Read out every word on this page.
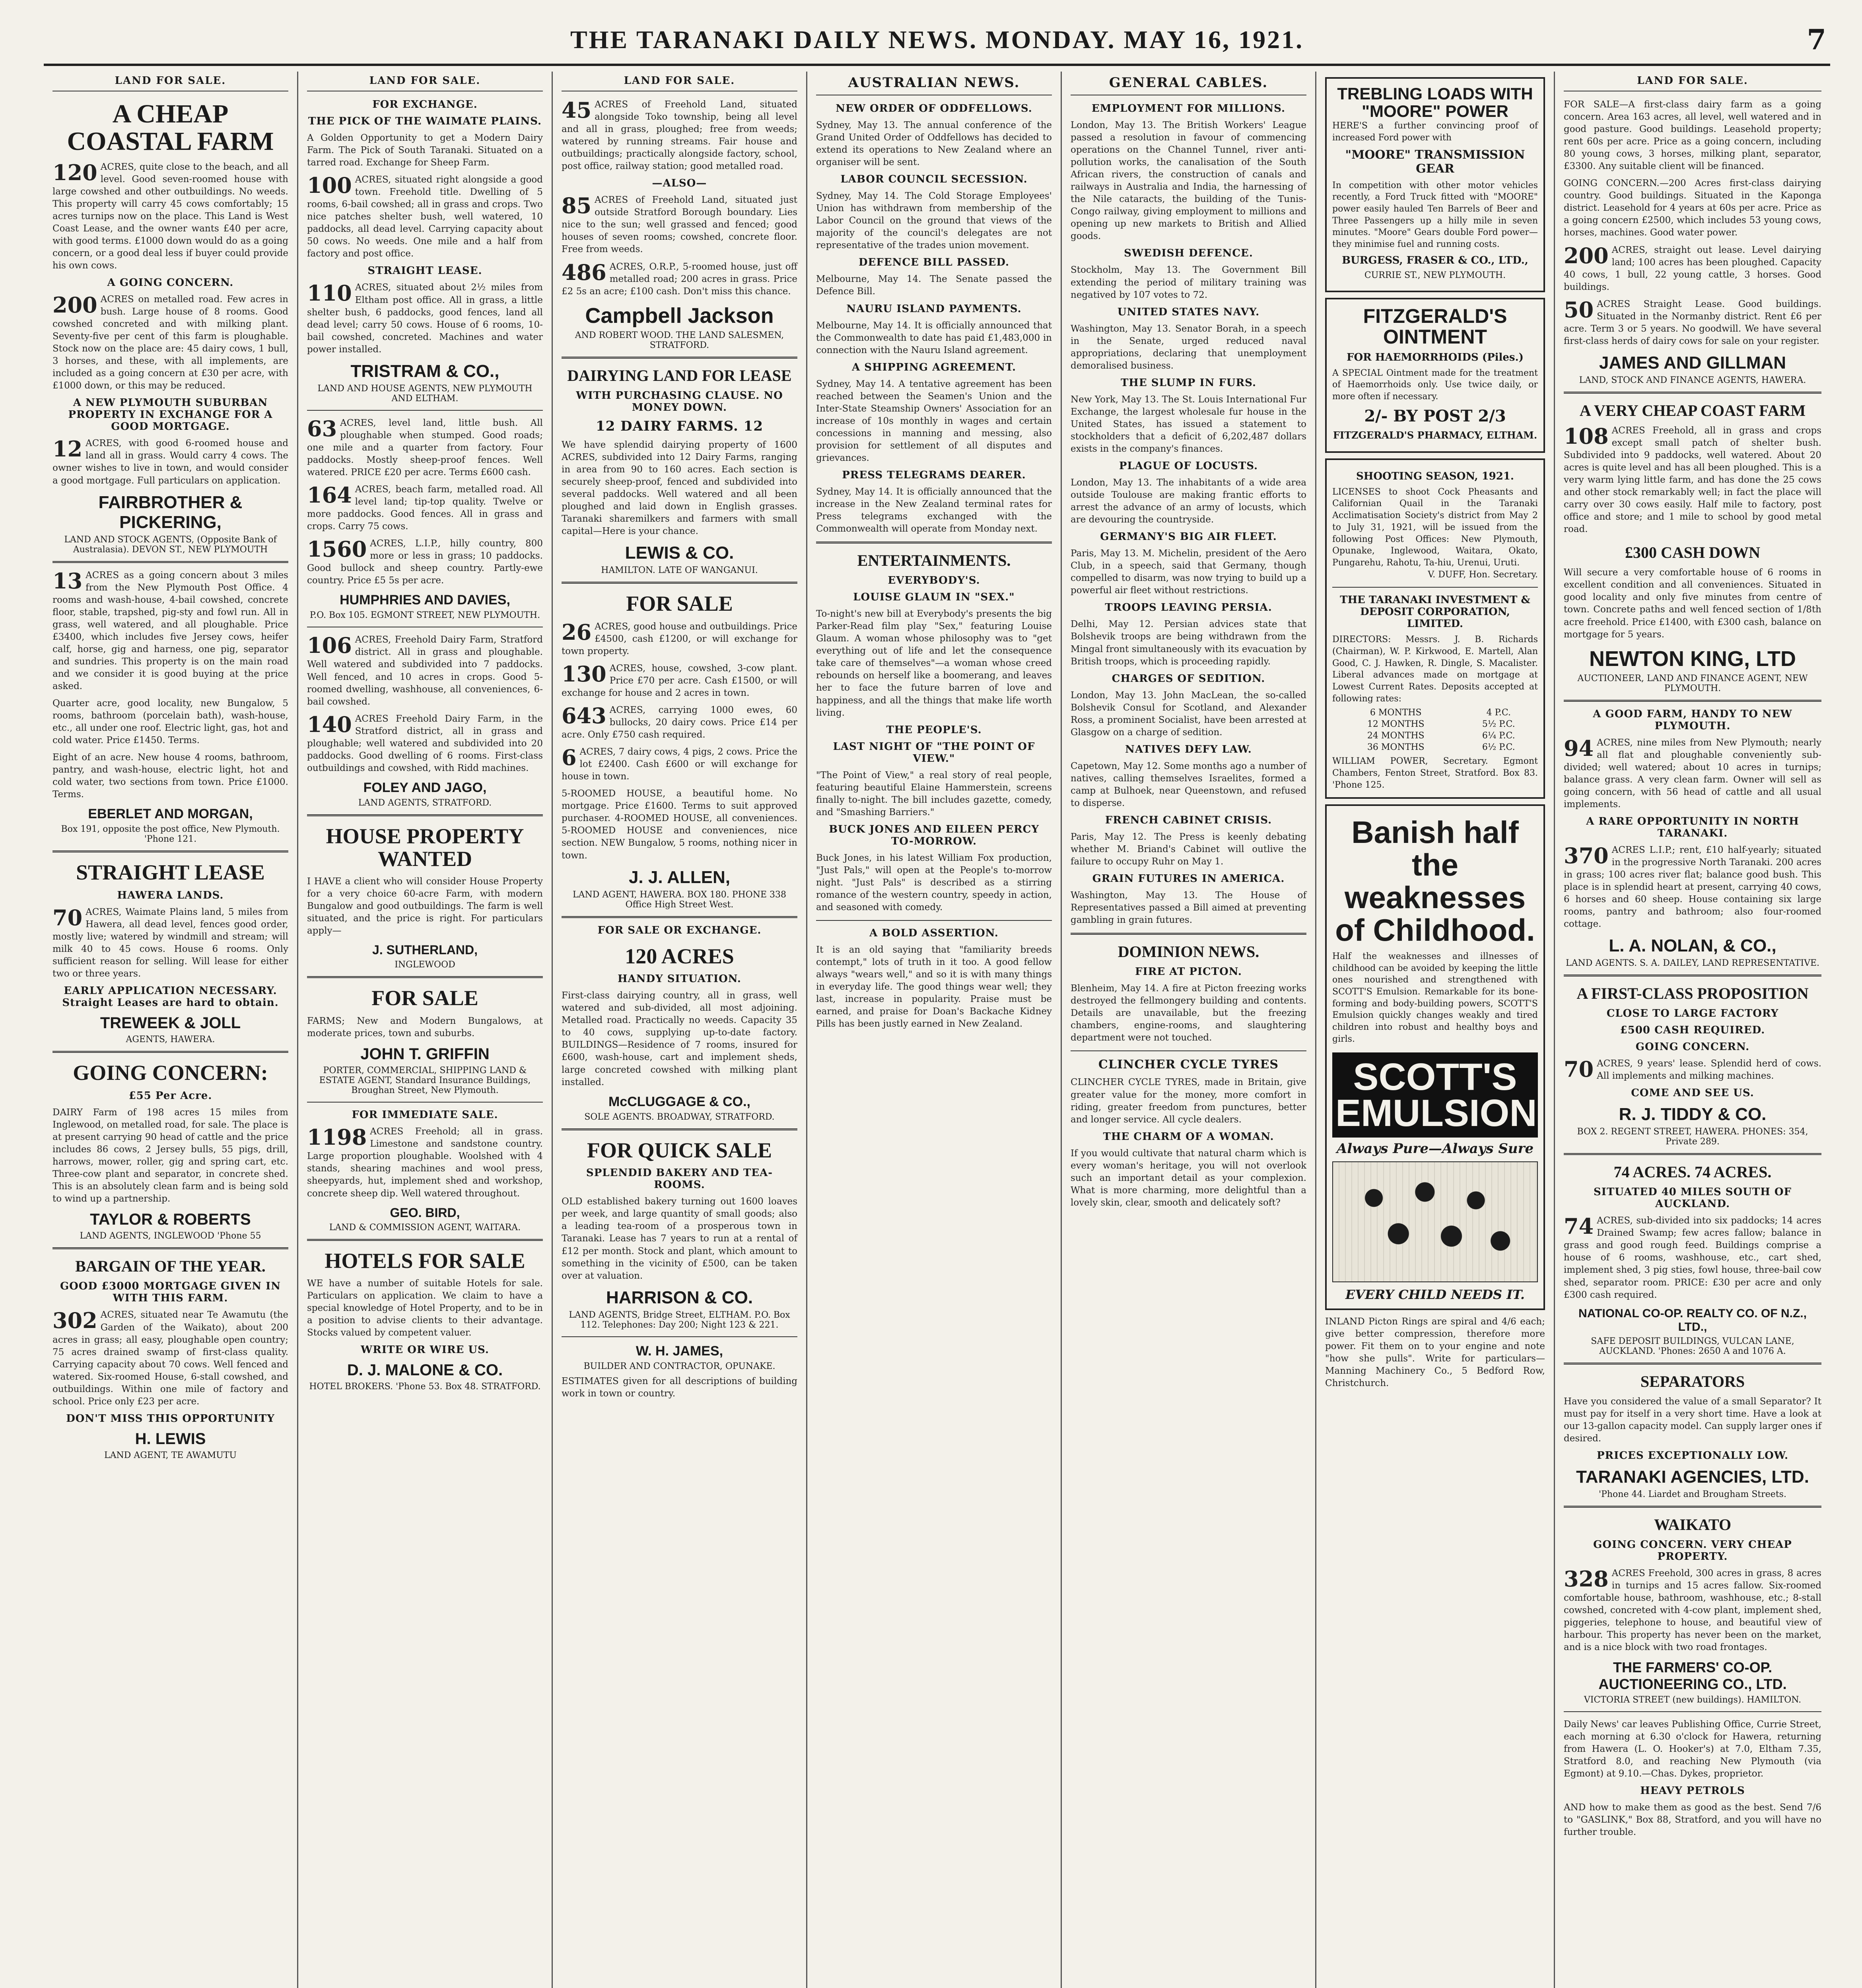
THE TARANAKI DAILY NEWS. MONDAY. MAY 16, 1921.	7
LAND FOR SALE.
A CHEAP COASTAL FARM

120 ACRES, quite close to the beach, and all level. Good seven-roomed house with large cowshed and other outbuildings. No weeds. This property will carry 45 cows comfortably; 15 acres turnips now on the place. This Land is West Coast Lease, and the owner wants £40 per acre, with good terms. £1000 down would do as a going concern, or a good deal less if buyer could provide his own cows.

A GOING CONCERN.

200 ACRES on metalled road. Few acres in bush. Large house of 8 rooms. Good cowshed concreted and with milking plant. Seventy-five per cent of this farm is ploughable. Stock now on the place are: 45 dairy cows, 1 bull, 3 horses, and these, with all implements, are included as a going concern at £30 per acre, with £1000 down, or this may be reduced.

A NEW PLYMOUTH SUBURBAN PROPERTY IN EXCHANGE FOR A GOOD MORTGAGE.

12 ACRES, with good 6-roomed house and land all in grass. Would carry 4 cows. The owner wishes to live in town, and would consider a good mortgage. Full particulars on application.

FAIRBROTHER & PICKERING,
LAND AND STOCK AGENTS, (Opposite Bank of Australasia). DEVON ST., NEW PLYMOUTH

13 ACRES as a going concern about 3 miles from the New Plymouth Post Office. 4 rooms and wash-house, 4-bail cowshed, concrete floor, stable, trapshed, pig-sty and fowl run. All in grass, well watered, and all ploughable. Price £3400, which includes five Jersey cows, heifer calf, horse, gig and harness, one pig, separator and sundries. This property is on the main road and we consider it is good buying at the price asked.

Quarter acre, good locality, new Bungalow, 5 rooms, bathroom (porcelain bath), wash-house, etc., all under one roof. Electric light, gas, hot and cold water. Price £1450. Terms.

Eight of an acre. New house 4 rooms, bathroom, pantry, and wash-house, electric light, hot and cold water, two sections from town. Price £1000. Terms.

EBERLET AND MORGAN,
Box 191, opposite the post office, New Plymouth. 'Phone 121.
STRAIGHT LEASE
HAWERA LANDS.

70 ACRES, Waimate Plains land, 5 miles from Hawera, all dead level, fences good order, mostly live; watered by windmill and stream; will milk 40 to 45 cows. House 6 rooms. Only sufficient reason for selling. Will lease for either two or three years.

EARLY APPLICATION NECESSARY. Straight Leases are hard to obtain.
TREWEEK & JOLL
AGENTS, HAWERA.
GOING CONCERN:
£55 Per Acre.

DAIRY Farm of 198 acres 15 miles from Inglewood, on metalled road, for sale. The place is at present carrying 90 head of cattle and the price includes 86 cows, 2 Jersey bulls, 55 pigs, drill, harrows, mower, roller, gig and spring cart, etc. Three-cow plant and separator, in concrete shed. This is an absolutely clean farm and is being sold to wind up a partnership.

TAYLOR & ROBERTS
LAND AGENTS, INGLEWOOD 'Phone 55
BARGAIN OF THE YEAR.
GOOD £3000 MORTGAGE GIVEN IN WITH THIS FARM.

302 ACRES, situated near Te Awamutu (the Garden of the Waikato), about 200 acres in grass; all easy, ploughable open country; 75 acres drained swamp of first-class quality. Carrying capacity about 70 cows. Well fenced and watered. Six-roomed House, 6-stall cowshed, and outbuildings. Within one mile of factory and school. Price only £23 per acre.

DON'T MISS THIS OPPORTUNITY
H. LEWIS
LAND AGENT, TE AWAMUTU
LAND FOR SALE.
FOR EXCHANGE.
THE PICK OF THE WAIMATE PLAINS.

A Golden Opportunity to get a Modern Dairy Farm. The Pick of South Taranaki. Situated on a tarred road. Exchange for Sheep Farm.

100 ACRES, situated right alongside a good town. Freehold title. Dwelling of 5 rooms, 6-bail cowshed; all in grass and crops. Two nice patches shelter bush, well watered, 10 paddocks, all dead level. Carrying capacity about 50 cows. No weeds. One mile and a half from factory and post office.

STRAIGHT LEASE.

110 ACRES, situated about 2½ miles from Eltham post office. All in grass, a little shelter bush, 6 paddocks, good fences, land all dead level; carry 50 cows. House of 6 rooms, 10-bail cowshed, concreted. Machines and water power installed.

TRISTRAM & CO.,
LAND AND HOUSE AGENTS, NEW PLYMOUTH AND ELTHAM.

63 ACRES, level land, little bush. All ploughable when stumped. Good roads; one mile and a quarter from factory. Four paddocks. Mostly sheep-proof fences. Well watered. PRICE £20 per acre. Terms £600 cash.

164 ACRES, beach farm, metalled road. All level land; tip-top quality. Twelve or more paddocks. Good fences. All in grass and crops. Carry 75 cows.

1560 ACRES, L.I.P., hilly country, 800 more or less in grass; 10 paddocks. Good bullock and sheep country. Partly-ewe country. Price £5 5s per acre.

HUMPHRIES AND DAVIES,
P.O. Box 105. EGMONT STREET, NEW PLYMOUTH.

106 ACRES, Freehold Dairy Farm, Stratford district. All in grass and ploughable. Well watered and subdivided into 7 paddocks. Well fenced, and 10 acres in crops. Good 5-roomed dwelling, washhouse, all conveniences, 6-bail cowshed.

140 ACRES Freehold Dairy Farm, in the Stratford district, all in grass and ploughable; well watered and subdivided into 20 paddocks. Good dwelling of 6 rooms. First-class outbuildings and cowshed, with Ridd machines.

FOLEY AND JAGO,
LAND AGENTS, STRATFORD.
HOUSE PROPERTY WANTED

I HAVE a client who will consider House Property for a very choice 60-acre Farm, with modern Bungalow and good outbuildings. The farm is well situated, and the price is right. For particulars apply—

J. SUTHERLAND,
INGLEWOOD
FOR SALE

FARMS; New and Modern Bungalows, at moderate prices, town and suburbs.

JOHN T. GRIFFIN
PORTER, COMMERCIAL, SHIPPING LAND & ESTATE AGENT, Standard Insurance Buildings, Broughan Street, New Plymouth.
FOR IMMEDIATE SALE.

1198 ACRES Freehold; all in grass. Limestone and sandstone country. Large proportion ploughable. Woolshed with 4 stands, shearing machines and wool press, sheepyards, hut, implement shed and workshop, concrete sheep dip. Well watered throughout.

GEO. BIRD,
LAND & COMMISSION AGENT, WAITARA.
HOTELS FOR SALE

WE have a number of suitable Hotels for sale. Particulars on application. We claim to have a special knowledge of Hotel Property, and to be in a position to advise clients to their advantage. Stocks valued by competent valuer.

WRITE OR WIRE US.
D. J. MALONE & CO.
HOTEL BROKERS. 'Phone 53. Box 48. STRATFORD.
LAND FOR SALE.

45 ACRES of Freehold Land, situated alongside Toko township, being all level and all in grass, ploughed; free from weeds; watered by running streams. Fair house and outbuildings; practically alongside factory, school, post office, railway station; good metalled road.

—ALSO—

85 ACRES of Freehold Land, situated just outside Stratford Borough boundary. Lies nice to the sun; well grassed and fenced; good houses of seven rooms; cowshed, concrete floor. Free from weeds.

486 ACRES, O.R.P., 5-roomed house, just off metalled road; 200 acres in grass. Price £2 5s an acre; £100 cash. Don't miss this chance.

Campbell Jackson
AND ROBERT WOOD. THE LAND SALESMEN, STRATFORD.
DAIRYING LAND FOR LEASE
WITH PURCHASING CLAUSE. NO MONEY DOWN.
12 DAIRY FARMS. 12

We have splendid dairying property of 1600 ACRES, subdivided into 12 Dairy Farms, ranging in area from 90 to 160 acres. Each section is securely sheep-proof, fenced and subdivided into several paddocks. Well watered and all been ploughed and laid down in English grasses. Taranaki sharemilkers and farmers with small capital—Here is your chance.

LEWIS & CO.
HAMILTON. LATE OF WANGANUI.
FOR SALE

26 ACRES, good house and outbuildings. Price £4500, cash £1200, or will exchange for town property.

130 ACRES, house, cowshed, 3-cow plant. Price £70 per acre. Cash £1500, or will exchange for house and 2 acres in town.

643 ACRES, carrying 1000 ewes, 60 bullocks, 20 dairy cows. Price £14 per acre. Only £750 cash required.

6 ACRES, 7 dairy cows, 4 pigs, 2 cows. Price the lot £2400. Cash £600 or will exchange for house in town.

5-ROOMED HOUSE, a beautiful home. No mortgage. Price £1600. Terms to suit approved purchaser. 4-ROOMED HOUSE, all conveniences. 5-ROOMED HOUSE and conveniences, nice section. NEW Bungalow, 5 rooms, nothing nicer in town.

J. J. ALLEN,
LAND AGENT, HAWERA. BOX 180. PHONE 338 Office High Street West.
FOR SALE OR EXCHANGE.
120 ACRES
HANDY SITUATION.

First-class dairying country, all in grass, well watered and sub-divided, all most adjoining. Metalled road. Practically no weeds. Capacity 35 to 40 cows, supplying up-to-date factory. BUILDINGS—Residence of 7 rooms, insured for £600, wash-house, cart and implement sheds, large concreted cowshed with milking plant installed.

McCLUGGAGE & CO.,
SOLE AGENTS. BROADWAY, STRATFORD.
FOR QUICK SALE
SPLENDID BAKERY AND TEA-ROOMS.

OLD established bakery turning out 1600 loaves per week, and large quantity of small goods; also a leading tea-room of a prosperous town in Taranaki. Lease has 7 years to run at a rental of £12 per month. Stock and plant, which amount to something in the vicinity of £500, can be taken over at valuation.

HARRISON & CO.
LAND AGENTS, Bridge Street, ELTHAM. P.O. Box 112. Telephones: Day 200; Night 123 & 221.
W. H. JAMES,
BUILDER AND CONTRACTOR, OPUNAKE.

ESTIMATES given for all descriptions of building work in town or country.

AUSTRALIAN NEWS.
NEW ORDER OF ODDFELLOWS.

Sydney, May 13. The annual conference of the Grand United Order of Oddfellows has decided to extend its operations to New Zealand where an organiser will be sent.

LABOR COUNCIL SECESSION.

Sydney, May 14. The Cold Storage Employees' Union has withdrawn from membership of the Labor Council on the ground that views of the majority of the council's delegates are not representative of the trades union movement.

DEFENCE BILL PASSED.

Melbourne, May 14. The Senate passed the Defence Bill.

NAURU ISLAND PAYMENTS.

Melbourne, May 14. It is officially announced that the Commonwealth to date has paid £1,483,000 in connection with the Nauru Island agreement.

A SHIPPING AGREEMENT.

Sydney, May 14. A tentative agreement has been reached between the Seamen's Union and the Inter-State Steamship Owners' Association for an increase of 10s monthly in wages and certain concessions in manning and messing, also provision for settlement of all disputes and grievances.

PRESS TELEGRAMS DEARER.

Sydney, May 14. It is officially announced that the increase in the New Zealand terminal rates for Press telegrams exchanged with the Commonwealth will operate from Monday next.

ENTERTAINMENTS.
EVERYBODY'S.
LOUISE GLAUM IN "SEX."

To-night's new bill at Everybody's presents the big Parker-Read film play "Sex," featuring Louise Glaum. A woman whose philosophy was to "get everything out of life and let the consequence take care of themselves"—a woman whose creed rebounds on herself like a boomerang, and leaves her to face the future barren of love and happiness, and all the things that make life worth living.

THE PEOPLE'S.
LAST NIGHT OF "THE POINT OF VIEW."

"The Point of View," a real story of real people, featuring beautiful Elaine Hammerstein, screens finally to-night. The bill includes gazette, comedy, and "Smashing Barriers."

BUCK JONES AND EILEEN PERCY TO-MORROW.

Buck Jones, in his latest William Fox production, "Just Pals," will open at the People's to-morrow night. "Just Pals" is described as a stirring romance of the western country, speedy in action, and seasoned with comedy.

A BOLD ASSERTION.

It is an old saying that "familiarity breeds contempt," lots of truth in it too. A good fellow always "wears well," and so it is with many things in everyday life. The good things wear well; they last, increase in popularity. Praise must be earned, and praise for Doan's Backache Kidney Pills has been justly earned in New Zealand.

GENERAL CABLES.
EMPLOYMENT FOR MILLIONS.

London, May 13. The British Workers' League passed a resolution in favour of commencing operations on the Channel Tunnel, river anti-pollution works, the canalisation of the South African rivers, the construction of canals and railways in Australia and India, the harnessing of the Nile cataracts, the building of the Tunis-Congo railway, giving employment to millions and opening up new markets to British and Allied goods.

SWEDISH DEFENCE.

Stockholm, May 13. The Government Bill extending the period of military training was negatived by 107 votes to 72.

UNITED STATES NAVY.

Washington, May 13. Senator Borah, in a speech in the Senate, urged reduced naval appropriations, declaring that unemployment demoralised business.

THE SLUMP IN FURS.

New York, May 13. The St. Louis International Fur Exchange, the largest wholesale fur house in the United States, has issued a statement to stockholders that a deficit of 6,202,487 dollars exists in the company's finances.

PLAGUE OF LOCUSTS.

London, May 13. The inhabitants of a wide area outside Toulouse are making frantic efforts to arrest the advance of an army of locusts, which are devouring the countryside.

GERMANY'S BIG AIR FLEET.

Paris, May 13. M. Michelin, president of the Aero Club, in a speech, said that Germany, though compelled to disarm, was now trying to build up a powerful air fleet without restrictions.

TROOPS LEAVING PERSIA.

Delhi, May 12. Persian advices state that Bolshevik troops are being withdrawn from the Mingal front simultaneously with its evacuation by British troops, which is proceeding rapidly.

CHARGES OF SEDITION.

London, May 13. John MacLean, the so-called Bolshevik Consul for Scotland, and Alexander Ross, a prominent Socialist, have been arrested at Glasgow on a charge of sedition.

NATIVES DEFY LAW.

Capetown, May 12. Some months ago a number of natives, calling themselves Israelites, formed a camp at Bulhoek, near Queenstown, and refused to disperse.

FRENCH CABINET CRISIS.

Paris, May 12. The Press is keenly debating whether M. Briand's Cabinet will outlive the failure to occupy Ruhr on May 1.

GRAIN FUTURES IN AMERICA.

Washington, May 13. The House of Representatives passed a Bill aimed at preventing gambling in grain futures.

DOMINION NEWS.
FIRE AT PICTON.

Blenheim, May 14. A fire at Picton freezing works destroyed the fellmongery building and contents. Details are unavailable, but the freezing chambers, engine-rooms, and slaughtering department were not touched.

CLINCHER CYCLE TYRES

CLINCHER CYCLE TYRES, made in Britain, give greater value for the money, more comfort in riding, greater freedom from punctures, better and longer service. All cycle dealers.

THE CHARM OF A WOMAN.

If you would cultivate that natural charm which is every woman's heritage, you will not overlook such an important detail as your complexion. What is more charming, more delightful than a lovely skin, clear, smooth and delicately soft?

TREBLING LOADS WITH "MOORE" POWER
HERE'S a further convincing proof of increased Ford power with
"MOORE" TRANSMISSION GEAR
In competition with other motor vehicles recently, a Ford Truck fitted with "MOORE" power easily hauled Ten Barrels of Beer and Three Passengers up a hilly mile in seven minutes. "Moore" Gears double Ford power—they minimise fuel and running costs.
BURGESS, FRASER & CO., LTD.,
CURRIE ST., NEW PLYMOUTH.
FITZGERALD'S OINTMENT
FOR HAEMORRHOIDS (Piles.)
A SPECIAL Ointment made for the treatment of Haemorrhoids only. Use twice daily, or more often if necessary.
2/- BY POST 2/3
FITZGERALD'S PHARMACY, ELTHAM.
SHOOTING SEASON, 1921.
LICENSES to shoot Cock Pheasants and Californian Quail in the Taranaki Acclimatisation Society's district from May 2 to July 31, 1921, will be issued from the following Post Offices: New Plymouth, Opunake, Inglewood, Waitara, Okato, Pungarehu, Rahotu, Ta-hiu, Urenui, Uruti.
V. DUFF, Hon. Secretary.
THE TARANAKI INVESTMENT & DEPOSIT CORPORATION, LIMITED.
DIRECTORS: Messrs. J. B. Richards (Chairman), W. P. Kirkwood, E. Martell, Alan Good, C. J. Hawken, R. Dingle, S. Macalister. Liberal advances made on mortgage at Lowest Current Rates. Deposits accepted at following rates:
6 MONTHS	4 P.C.
12 MONTHS	5½ P.C.
24 MONTHS	6¼ P.C.
36 MONTHS	6½ P.C.
WILLIAM POWER, Secretary. Egmont Chambers, Fenton Street, Stratford. Box 83. 'Phone 125.
Banish half the weaknesses of Childhood.
Half the weaknesses and illnesses of childhood can be avoided by keeping the little ones nourished and strengthened with SCOTT'S Emulsion. Remarkable for its bone-forming and body-building powers, SCOTT'S Emulsion quickly changes weakly and tired children into robust and healthy boys and girls.
SCOTT'S EMULSION
Always Pure—Always Sure
EVERY CHILD NEEDS IT.

INLAND Picton Rings are spiral and 4/6 each; give better compression, therefore more power. Fit them on to your engine and note "how she pulls". Write for particulars—Manning Machinery Co., 5 Bedford Row, Christchurch.

LAND FOR SALE.

FOR SALE—A first-class dairy farm as a going concern. Area 163 acres, all level, well watered and in good pasture. Good buildings. Leasehold property; rent 60s per acre. Price as a going concern, including 80 young cows, 3 horses, milking plant, separator, £3300. Any suitable client will be financed.

GOING CONCERN.—200 Acres first-class dairying country. Good buildings. Situated in the Kaponga district. Leasehold for 4 years at 60s per acre. Price as a going concern £2500, which includes 53 young cows, horses, machines. Good water power.

200 ACRES, straight out lease. Level dairying land; 100 acres has been ploughed. Capacity 40 cows, 1 bull, 22 young cattle, 3 horses. Good buildings.

50 ACRES Straight Lease. Good buildings. Situated in the Normanby district. Rent £6 per acre. Term 3 or 5 years. No goodwill. We have several first-class herds of dairy cows for sale on your register.

JAMES AND GILLMAN
LAND, STOCK AND FINANCE AGENTS, HAWERA.
A VERY CHEAP COAST FARM

108 ACRES Freehold, all in grass and crops except small patch of shelter bush. Subdivided into 9 paddocks, well watered. About 20 acres is quite level and has all been ploughed. This is a very warm lying little farm, and has done the 25 cows and other stock remarkably well; in fact the place will carry over 30 cows easily. Half mile to factory, post office and store; and 1 mile to school by good metal road.

£300 CASH DOWN

Will secure a very comfortable house of 6 rooms in excellent condition and all conveniences. Situated in good locality and only five minutes from centre of town. Concrete paths and well fenced section of 1/8th acre freehold. Price £1400, with £300 cash, balance on mortgage for 5 years.

NEWTON KING, LTD
AUCTIONEER, LAND AND FINANCE AGENT, NEW PLYMOUTH.
A GOOD FARM, HANDY TO NEW PLYMOUTH.

94 ACRES, nine miles from New Plymouth; nearly all flat and ploughable conveniently sub-divided; well watered; about 10 acres in turnips; balance grass. A very clean farm. Owner will sell as going concern, with 56 head of cattle and all usual implements.

A RARE OPPORTUNITY IN NORTH TARANAKI.

370 ACRES L.I.P.; rent, £10 half-yearly; situated in the progressive North Taranaki. 200 acres in grass; 100 acres river flat; balance good bush. This place is in splendid heart at present, carrying 40 cows, 6 horses and 60 sheep. House containing six large rooms, pantry and bathroom; also four-roomed cottage.

L. A. NOLAN, & CO.,
LAND AGENTS. S. A. DAILEY, LAND REPRESENTATIVE.
A FIRST-CLASS PROPOSITION
CLOSE TO LARGE FACTORY
£500 CASH REQUIRED.
GOING CONCERN.

70 ACRES, 9 years' lease. Splendid herd of cows. All implements and milking machines.

COME AND SEE US.
R. J. TIDDY & CO.
BOX 2. REGENT STREET, HAWERA. PHONES: 354, Private 289.
74 ACRES. 74 ACRES.
SITUATED 40 MILES SOUTH OF AUCKLAND.

74 ACRES, sub-divided into six paddocks; 14 acres Drained Swamp; few acres fallow; balance in grass and good rough feed. Buildings comprise a house of 6 rooms, washhouse, etc., cart shed, implement shed, 3 pig sties, fowl house, three-bail cow shed, separator room. PRICE: £30 per acre and only £300 cash required.

NATIONAL CO-OP. REALTY CO. OF N.Z., LTD.,
SAFE DEPOSIT BUILDINGS, VULCAN LANE, AUCKLAND. 'Phones: 2650 A and 1076 A.
SEPARATORS

Have you considered the value of a small Separator? It must pay for itself in a very short time. Have a look at our 13-gallon capacity model. Can supply larger ones if desired.

PRICES EXCEPTIONALLY LOW.
TARANAKI AGENCIES, LTD.
'Phone 44. Liardet and Brougham Streets.
WAIKATO
GOING CONCERN. VERY CHEAP PROPERTY.

328 ACRES Freehold, 300 acres in grass, 8 acres in turnips and 15 acres fallow. Six-roomed comfortable house, bathroom, washhouse, etc.; 8-stall cowshed, concreted with 4-cow plant, implement shed, piggeries, telephone to house, and beautiful view of harbour. This property has never been on the market, and is a nice block with two road frontages.

THE FARMERS' CO-OP. AUCTIONEERING CO., LTD.
VICTORIA STREET (new buildings). HAMILTON.

Daily News' car leaves Publishing Office, Currie Street, each morning at 6.30 o'clock for Hawera, returning from Hawera (L. O. Hooker's) at 7.0, Eltham 7.35, Stratford 8.0, and reaching New Plymouth (via Egmont) at 9.10.—Chas. Dykes, proprietor.

HEAVY PETROLS

AND how to make them as good as the best. Send 7/6 to "GASLINK," Box 88, Stratford, and you will have no further trouble.
